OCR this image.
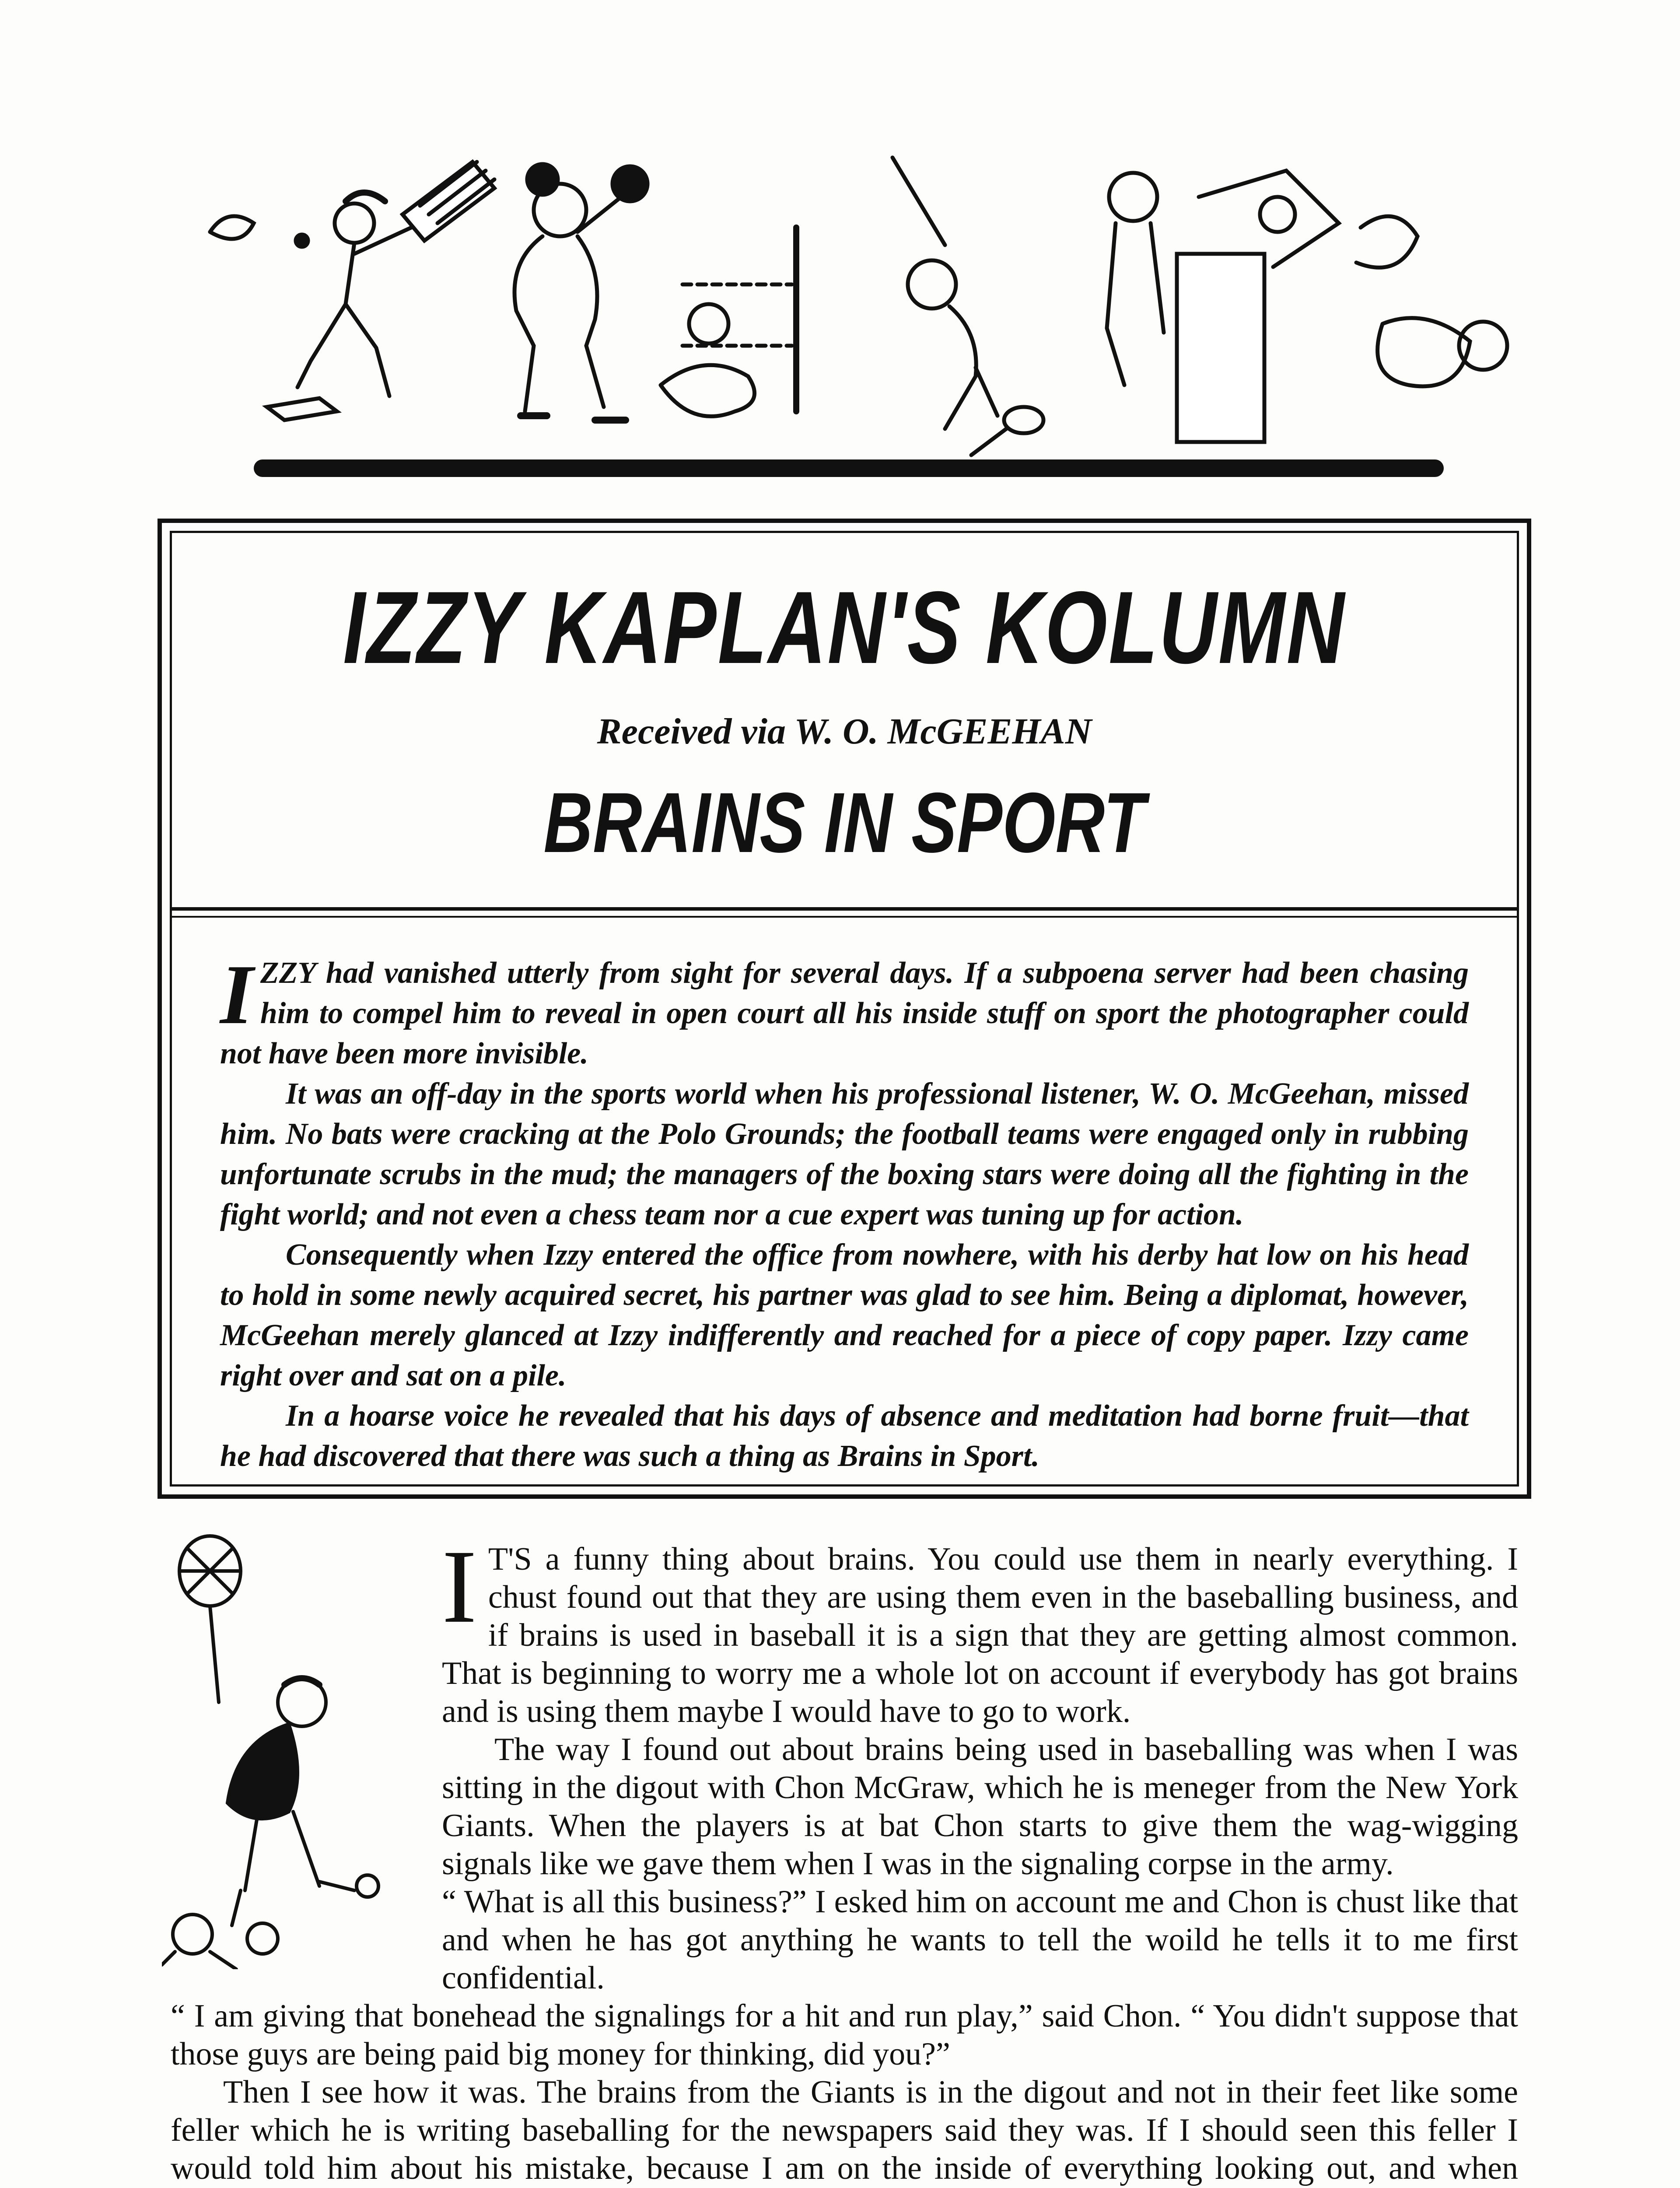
IZZY KAPLAN'S KOLUMN
Received via W. O. McGEEHAN
BRAINS IN SPORT

IZZY had vanished utterly from sight for several days. If a subpoena server had been chasing him to compel him to reveal in open court all his inside stuff on sport the photographer could not have been more invisible.

It was an off-day in the sports world when his professional listener, W. O. McGeehan, missed him. No bats were cracking at the Polo Grounds; the football teams were engaged only in rubbing unfortunate scrubs in the mud; the managers of the boxing stars were doing all the fighting in the fight world; and not even a chess team nor a cue expert was tuning up for action.

Consequently when Izzy entered the office from nowhere, with his derby hat low on his head to hold in some newly acquired secret, his partner was glad to see him. Being a diplomat, however, McGeehan merely glanced at Izzy indifferently and reached for a piece of copy paper. Izzy came right over and sat on a pile.

In a hoarse voice he revealed that his days of absence and meditation had borne fruit—that he had discovered that there was such a thing as Brains in Sport.

I T'S a funny thing about brains. You could use them in nearly everything. I chust found out that they are using them even in the baseballing business, and if brains is used in baseball it is a sign that they are getting almost common. That is beginning to worry me a whole lot on account if everybody has got brains and is using them maybe I would have to go to work.

The way I found out about brains being used in baseballing was when I was sitting in the digout with Chon McGraw, which he is meneger from the New York Giants. When the players is at bat Chon starts to give them the wag-wigging signals like we gave them when I was in the signaling corpse in the army.

“ What is all this business?” I esked him on account me and Chon is chust like that and when he has got anything he wants to tell the woild he tells it to me first confidential.

“ I am giving that bonehead the signalings for a hit and run play,” said Chon. “ You didn't suppose that those guys are being paid big money for thinking, did you?”

Then I see how it was. The brains from the Giants is in the digout and not in their feet like some feller which he is writing baseballing for the newspapers said they was. If I should seen this feller I would told him about his mistake, because I am on the inside of everything looking out, and when
